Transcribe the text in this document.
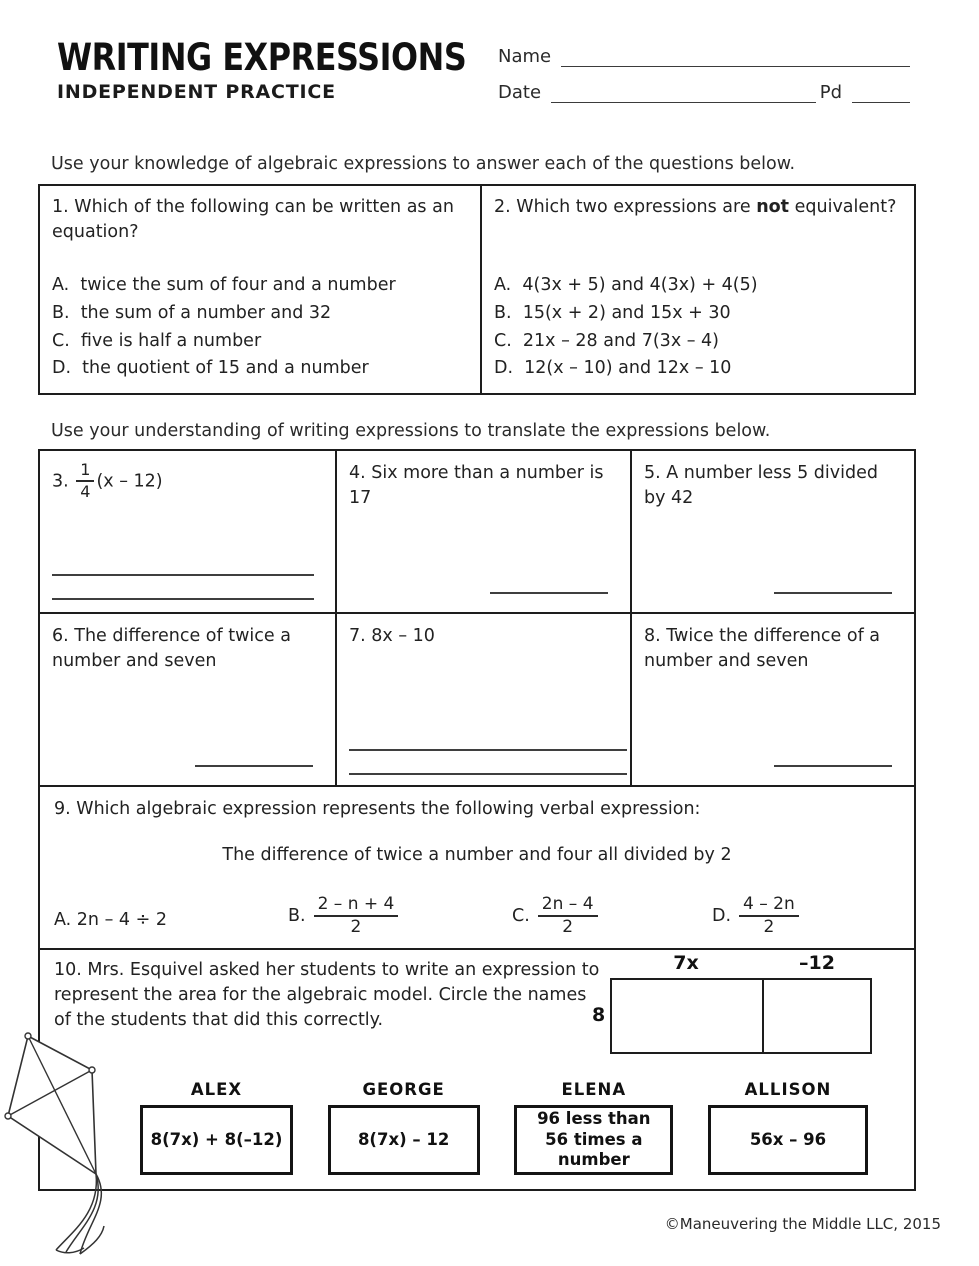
WRITING EXPRESSIONS
INDEPENDENT PRACTICE
Name
Date	Pd
Use your knowledge of algebraic expressions to answer each of the questions below.
1. Which of the following can be written as an equation?
A.  twice the sum of four and a number
B.  the sum of a number and 32
C.  five is half a number
D.  the quotient of 15 and a number
2. Which two expressions are not equivalent?
A.  4(3x + 5) and 4(3x) + 4(5)
B.  15(x + 2) and 15x + 30
C.  21x – 28 and 7(3x – 4)
D.  12(x – 10) and 12x – 10
Use your understanding of writing expressions to translate the expressions below.
3. $\frac{1}{4} (x - 12)$	4. Six more than a number is 17
5. A number less 5 divided by 42
6. The difference of twice a number and seven
7. 8x – 10	8. Twice the difference of a number and seven
9. Which algebraic expression represents the following verbal expression:
The difference of twice a number and four all divided by 2
A. 2n – 4 ÷ 2	B. $\frac{2 - n + 4}{2}$	C. $\frac{2n - 4}{2}$	D. $\frac{4 - 2n}{2}$
10. Mrs. Esquivel asked her students to write an expression to represent the area for the algebraic model. Circle the names of the students that did this correctly.
7x	–12
8
ALEX
8(7x) + 8(–12)
GEORGE
8(7x) – 12
ELENA
96 less than 56 times a number
ALLISON
56x – 96
©Maneuvering the Middle LLC, 2015
